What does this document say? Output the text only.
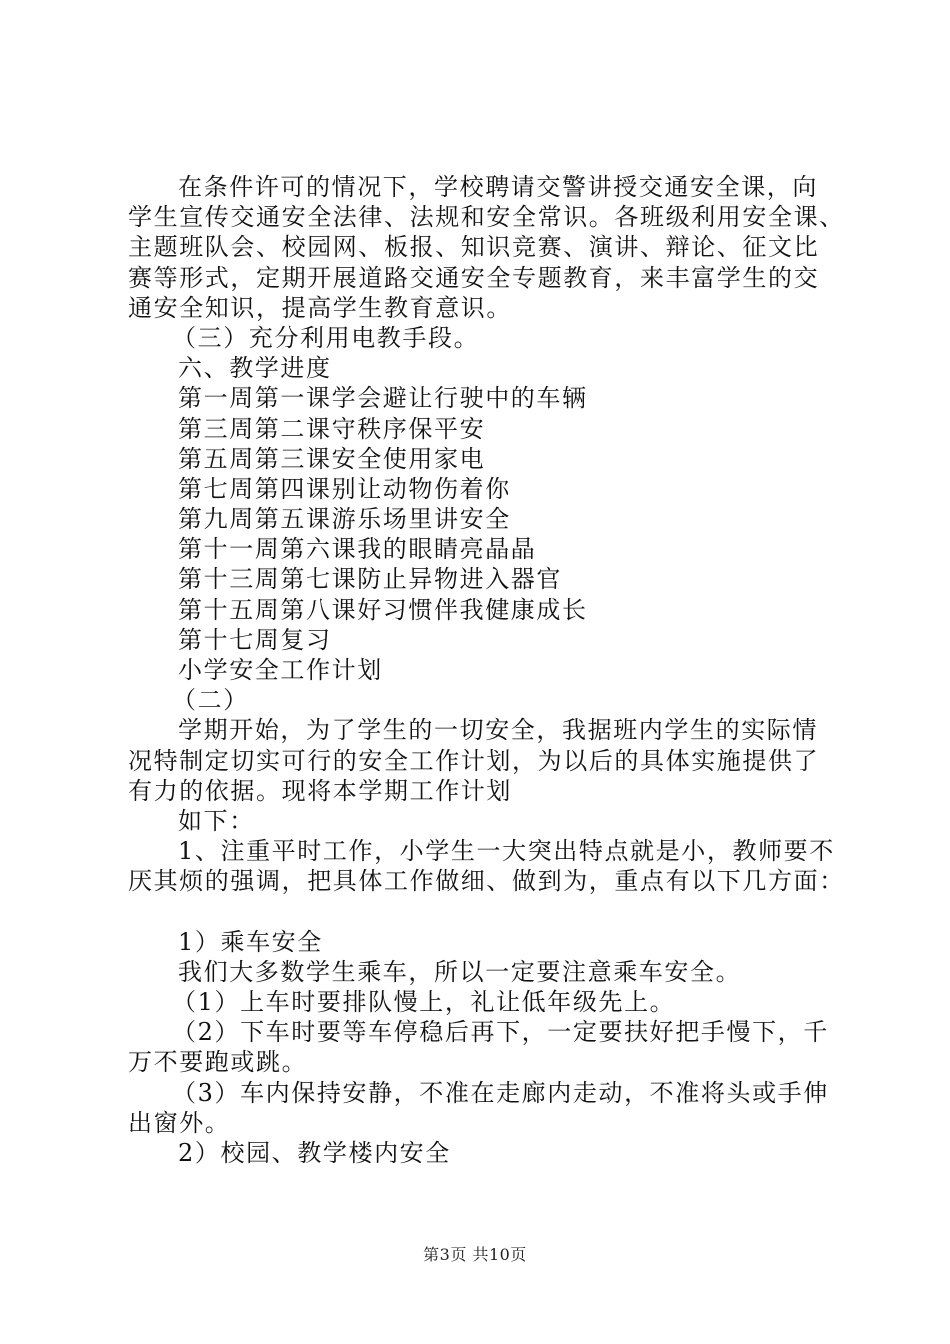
在条件许可的情况下，学校聘请交警讲授交通安全课，向
学生宣传交通安全法律、法规和安全常识。各班级利用安全课、
主题班队会、校园网、板报、知识竞赛、演讲、辩论、征文比
赛等形式，定期开展道路交通安全专题教育，来丰富学生的交
通安全知识，提高学生教育意识。
（三）充分利用电教手段。
六、教学进度
第一周第一课学会避让行驶中的车辆
第三周第二课守秩序保平安
第五周第三课安全使用家电
第七周第四课别让动物伤着你
第九周第五课游乐场里讲安全
第十一周第六课我的眼睛亮晶晶
第十三周第七课防止异物进入器官
第十五周第八课好习惯伴我健康成长
第十七周复习
小学安全工作计划
（二）
学期开始，为了学生的一切安全，我据班内学生的实际情
况特制定切实可行的安全工作计划，为以后的具体实施提供了
有力的依据。现将本学期工作计划
如下：
1、注重平时工作，小学生一大突出特点就是小，教师要不
厌其烦的强调，把具体工作做细、做到为，重点有以下几方面：
1）乘车安全
我们大多数学生乘车，所以一定要注意乘车安全。
（1）上车时要排队慢上，礼让低年级先上。
（2）下车时要等车停稳后再下，一定要扶好把手慢下，千
万不要跑或跳。
（3）车内保持安静，不准在走廊内走动，不准将头或手伸
出窗外。
2）校园、教学楼内安全
第3页 共10页
